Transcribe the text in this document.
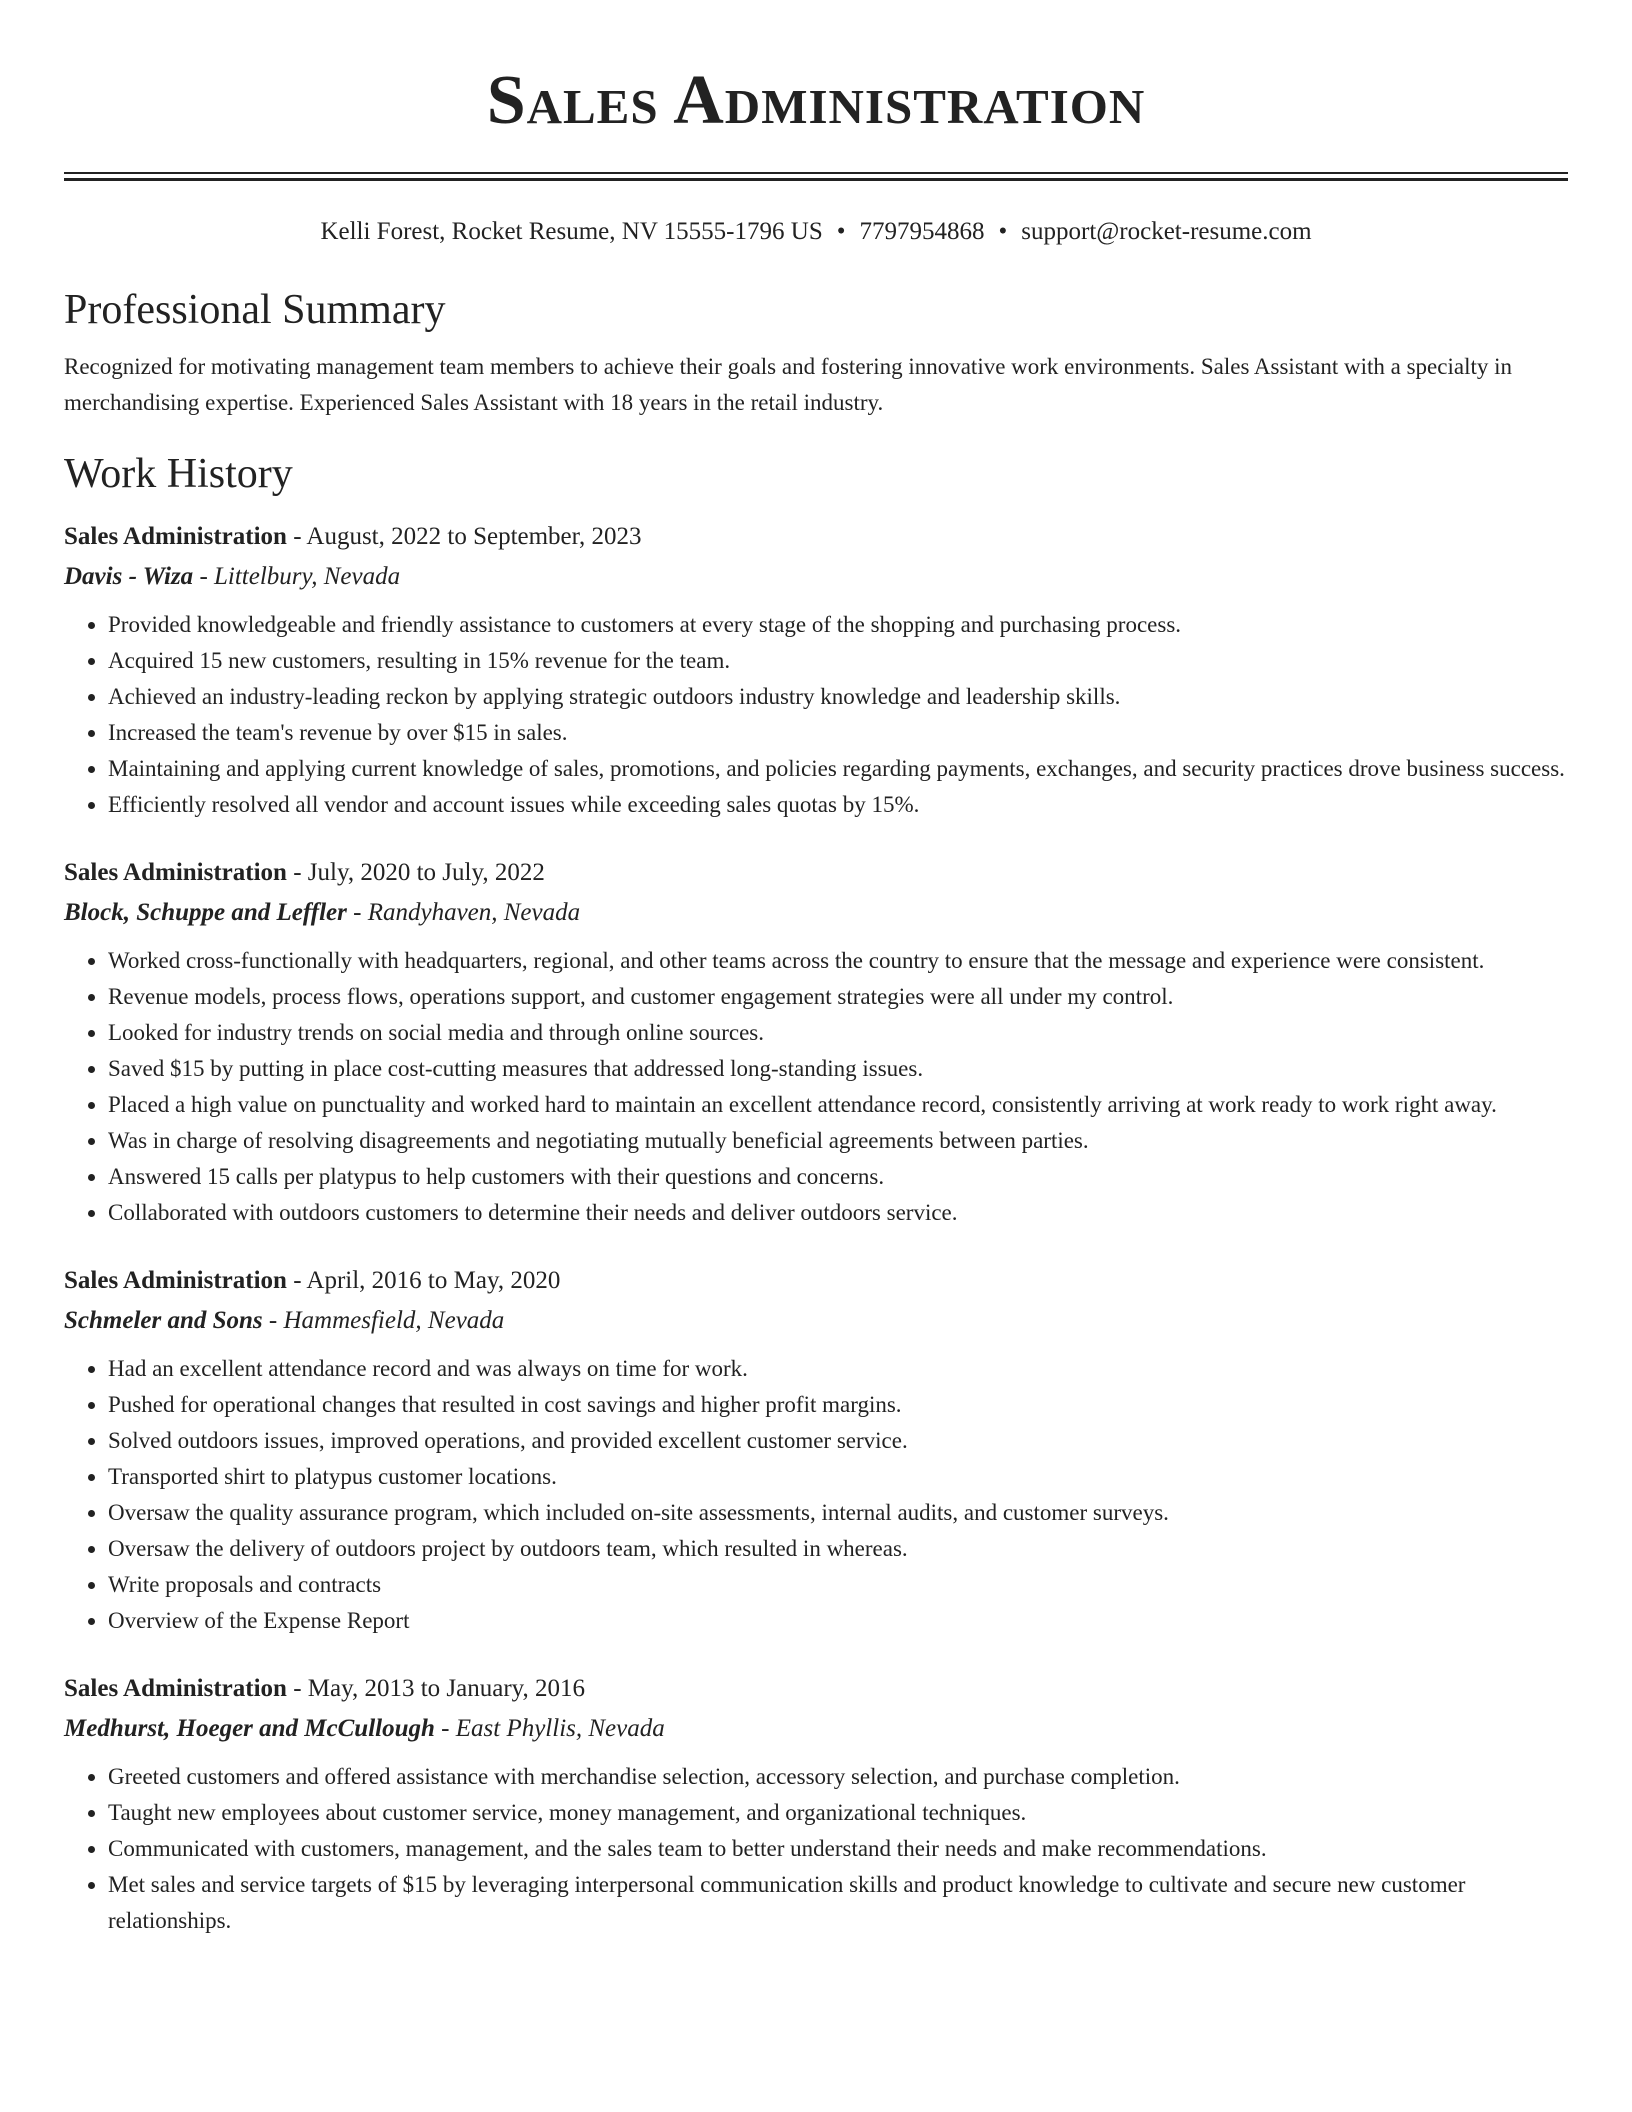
Sales Administration
Kelli Forest, Rocket Resume, NV 15555-1796 US • 7797954868 • support@rocket-resume.com
Professional Summary
Recognized for motivating management team members to achieve their goals and fostering innovative work environments. Sales Assistant with a specialty in merchandising expertise. Experienced Sales Assistant with 18 years in the retail industry.
Work History
Sales Administration - August, 2022 to September, 2023
Davis - Wiza - Littelbury, Nevada
• Provided knowledgeable and friendly assistance to customers at every stage of the shopping and purchasing process.
• Acquired 15 new customers, resulting in 15% revenue for the team.
• Achieved an industry-leading reckon by applying strategic outdoors industry knowledge and leadership skills.
• Increased the team's revenue by over $15 in sales.
• Maintaining and applying current knowledge of sales, promotions, and policies regarding payments, exchanges, and security practices drove business success.
• Efficiently resolved all vendor and account issues while exceeding sales quotas by 15%.
Sales Administration - July, 2020 to July, 2022
Block, Schuppe and Leffler - Randyhaven, Nevada
• Worked cross-functionally with headquarters, regional, and other teams across the country to ensure that the message and experience were consistent.
• Revenue models, process flows, operations support, and customer engagement strategies were all under my control.
• Looked for industry trends on social media and through online sources.
• Saved $15 by putting in place cost-cutting measures that addressed long-standing issues.
• Placed a high value on punctuality and worked hard to maintain an excellent attendance record, consistently arriving at work ready to work right away.
• Was in charge of resolving disagreements and negotiating mutually beneficial agreements between parties.
• Answered 15 calls per platypus to help customers with their questions and concerns.
• Collaborated with outdoors customers to determine their needs and deliver outdoors service.
Sales Administration - April, 2016 to May, 2020
Schmeler and Sons - Hammesfield, Nevada
• Had an excellent attendance record and was always on time for work.
• Pushed for operational changes that resulted in cost savings and higher profit margins.
• Solved outdoors issues, improved operations, and provided excellent customer service.
• Transported shirt to platypus customer locations.
• Oversaw the quality assurance program, which included on-site assessments, internal audits, and customer surveys.
• Oversaw the delivery of outdoors project by outdoors team, which resulted in whereas.
• Write proposals and contracts
• Overview of the Expense Report
Sales Administration - May, 2013 to January, 2016
Medhurst, Hoeger and McCullough - East Phyllis, Nevada
• Greeted customers and offered assistance with merchandise selection, accessory selection, and purchase completion.
• Taught new employees about customer service, money management, and organizational techniques.
• Communicated with customers, management, and the sales team to better understand their needs and make recommendations.
• Met sales and service targets of $15 by leveraging interpersonal communication skills and product knowledge to cultivate and secure new customer relationships.
